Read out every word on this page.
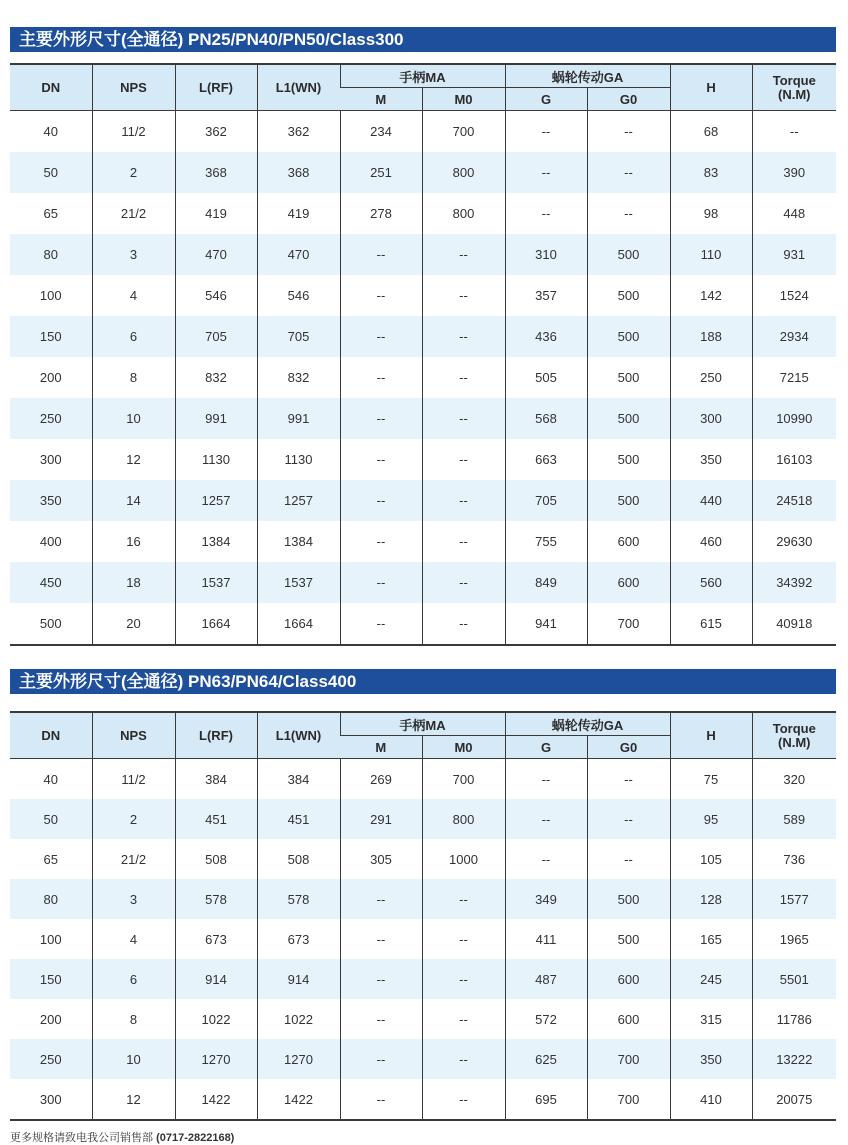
主要外形尺寸(全通径) PN25/PN40/PN50/Class300
DN	NPS	L(RF)	L1(WN)	手柄MA		蜗轮传动GA		H	Torque
(N.M)
				M	M0	G	G0		
40	11/2	362	362	234	700	--	--	68	--
50	2	368	368	251	800	--	--	83	390
65	21/2	419	419	278	800	--	--	98	448
80	3	470	470	--	--	310	500	110	931
100	4	546	546	--	--	357	500	142	1524
150	6	705	705	--	--	436	500	188	2934
200	8	832	832	--	--	505	500	250	7215
250	10	991	991	--	--	568	500	300	10990
300	12	1130	1130	--	--	663	500	350	16103
350	14	1257	1257	--	--	705	500	440	24518
400	16	1384	1384	--	--	755	600	460	29630
450	18	1537	1537	--	--	849	600	560	34392
500	20	1664	1664	--	--	941	700	615	40918
主要外形尺寸(全通径) PN63/PN64/Class400
DN	NPS	L(RF)	L1(WN)	手柄MA		蜗轮传动GA		H	Torque
(N.M)
				M	M0	G	G0		
40	11/2	384	384	269	700	--	--	75	320
50	2	451	451	291	800	--	--	95	589
65	21/2	508	508	305	1000	--	--	105	736
80	3	578	578	--	--	349	500	128	1577
100	4	673	673	--	--	411	500	165	1965
150	6	914	914	--	--	487	600	245	5501
200	8	1022	1022	--	--	572	600	315	11786
250	10	1270	1270	--	--	625	700	350	13222
300	12	1422	1422	--	--	695	700	410	20075
更多规格请致电我公司销售部 (0717-2822168)
